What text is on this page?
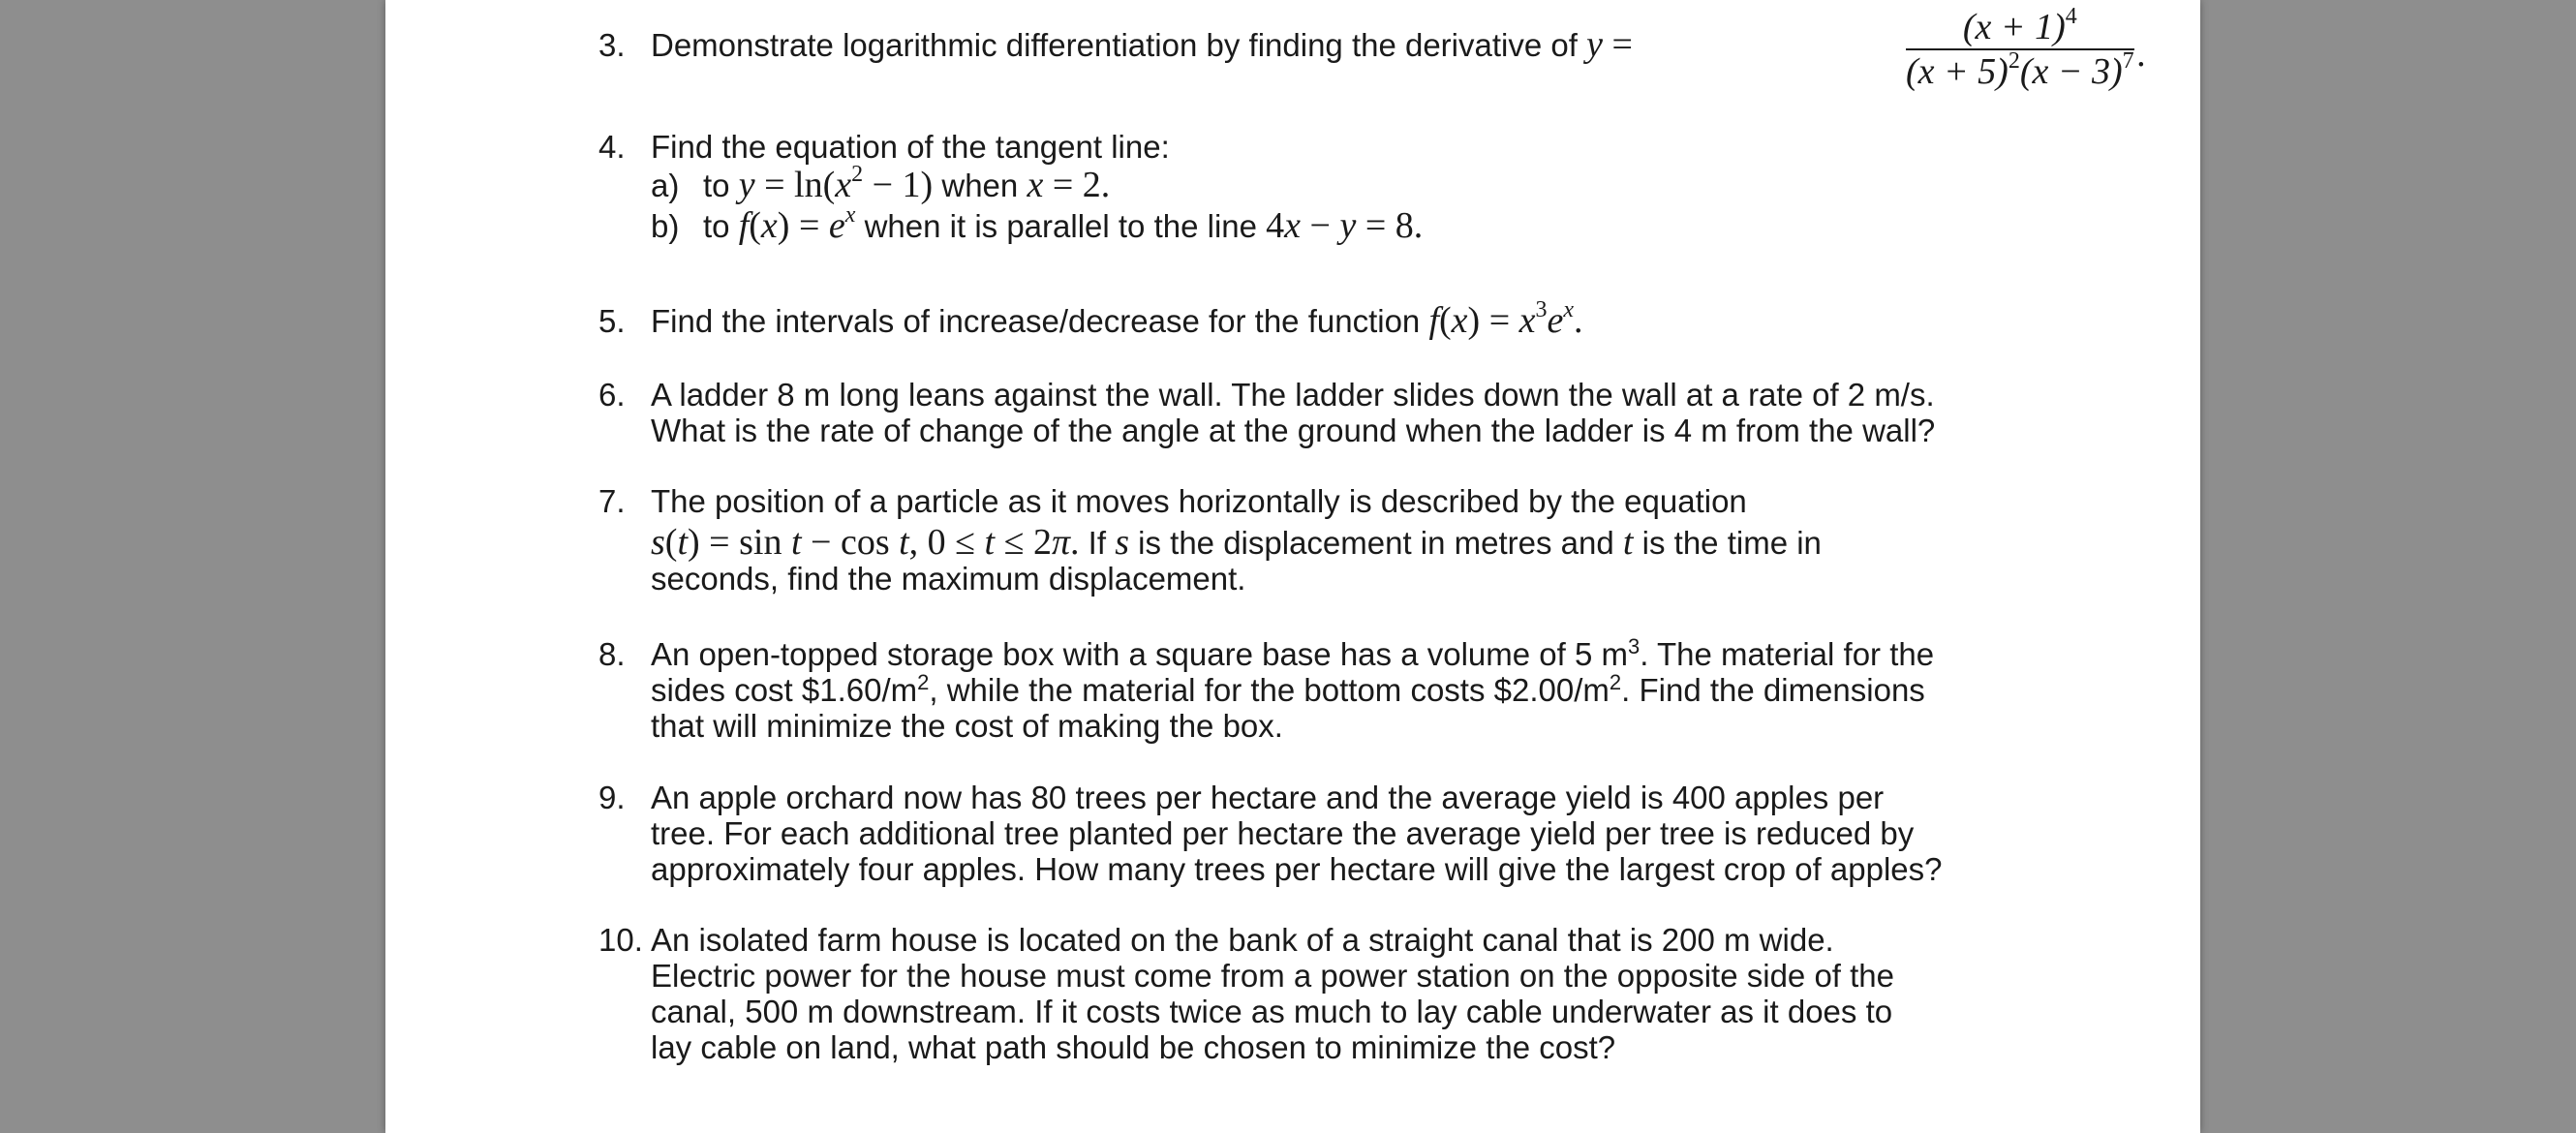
3. Demonstrate logarithmic differentiation by finding the derivative of y =	$(x + 1)^4$
$(x + 5)^2(x - 3)^7$ .
4. Find the equation of the tangent line:
a) to $y = \ln(x^2 - 1)$ when x = 2.
b) to $f(x) = e^x$ when it is parallel to the line 4x − y = 8.
5. Find the intervals of increase/decrease for the function $f(x) = x^3e^x$.
6. A ladder 8 m long leans against the wall. The ladder slides down the wall at a rate of 2 m/s.
What is the rate of change of the angle at the ground when the ladder is 4 m from the wall?
7. The position of a particle as it moves horizontally is described by the equation
s(t) = sin t − cos t, 0 ≤ t ≤ 2π. If s is the displacement in metres and t is the time in
seconds, find the maximum displacement.
8. An open-topped storage box with a square base has a volume of 5 $m^3$. The material for the
sides cost $\$1.60/m^2$, while the material for the bottom costs $\$2.00/m^2$. Find the dimensions
that will minimize the cost of making the box.
9. An apple orchard now has 80 trees per hectare and the average yield is 400 apples per
tree. For each additional tree planted per hectare the average yield per tree is reduced by
approximately four apples. How many trees per hectare will give the largest crop of apples?
10. An isolated farm house is located on the bank of a straight canal that is 200 m wide.
Electric power for the house must come from a power station on the opposite side of the
canal, 500 m downstream. If it costs twice as much to lay cable underwater as it does to
lay cable on land, what path should be chosen to minimize the cost?
